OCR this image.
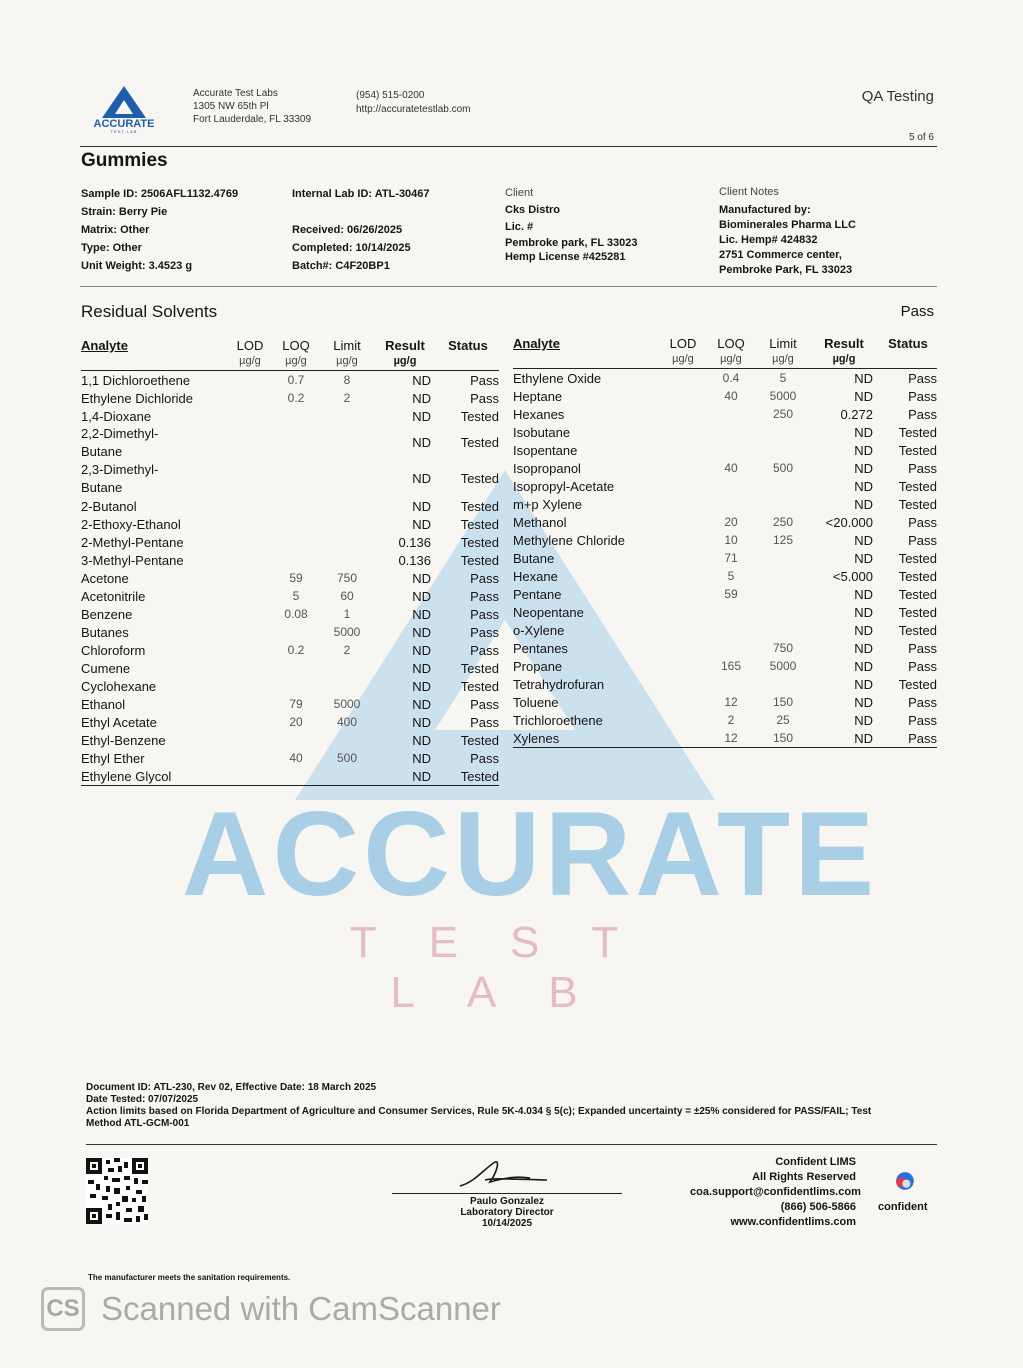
ACCURATE
TEST LAB
Accurate Test Labs
1305 NW 65th Pl
Fort Lauderdale, FL 33309
(954) 515-0200
http://accuratetestlab.com
QA Testing
5 of 6
Gummies
Sample ID: 2506AFL1132.4769
Strain: Berry Pie
Matrix: Other
Type: Other
Unit Weight: 3.4523 g
Internal Lab ID: ATL-30467

Received: 06/26/2025
Completed: 10/14/2025
Batch#: C4F20BP1
Client
Cks Distro
Lic. #
Pembroke park, FL 33023
Hemp License #425281
Client Notes
Manufactured by:
Biominerales Pharma LLC
Lic. Hemp# 424832
2751 Commerce center,
Pembroke Park, FL 33023
ACCURATE
TEST LAB
Residual Solvents	Pass
Analyte	LOD	LOQ	Limit	Result	Status
	µg/g	µg/g	µg/g	µg/g	
1,1 Dichloroethene		0.7	8	ND	Pass
Ethylene Dichloride		0.2	2	ND	Pass
1,4-Dioxane				ND	Tested

2,2-Dimethyl-
Butane				ND	Tested

2,3-Dimethyl-
Butane				ND	Tested
2-Butanol				ND	Tested
2-Ethoxy-Ethanol				ND	Tested
2-Methyl-Pentane				0.136	Tested
3-Methyl-Pentane				0.136	Tested
Acetone		59	750	ND	Pass
Acetonitrile		5	60	ND	Pass
Benzene		0.08	1	ND	Pass
Butanes			5000	ND	Pass
Chloroform		0.2	2	ND	Pass
Cumene				ND	Tested
Cyclohexane				ND	Tested
Ethanol		79	5000	ND	Pass
Ethyl Acetate		20	400	ND	Pass
Ethyl-Benzene				ND	Tested
Ethyl Ether		40	500	ND	Pass
Ethylene Glycol				ND	Tested
Analyte	LOD	LOQ	Limit	Result	Status
	µg/g	µg/g	µg/g	µg/g	
Ethylene Oxide		0.4	5	ND	Pass
Heptane		40	5000	ND	Pass
Hexanes			250	0.272	Pass
Isobutane				ND	Tested
Isopentane				ND	Tested
Isopropanol		40	500	ND	Pass
Isopropyl-Acetate				ND	Tested
m+p Xylene				ND	Tested
Methanol		20	250	<20.000	Pass
Methylene Chloride		10	125	ND	Pass
Butane		71		ND	Tested
Hexane		5		<5.000	Tested
Pentane		59		ND	Tested
Neopentane				ND	Tested
o-Xylene				ND	Tested
Pentanes			750	ND	Pass
Propane		165	5000	ND	Pass
Tetrahydrofuran				ND	Tested
Toluene		12	150	ND	Pass
Trichloroethene		2	25	ND	Pass
Xylenes		12	150	ND	Pass
Document ID: ATL-230, Rev 02, Effective Date: 18 March 2025
Date Tested: 07/07/2025
Action limits based on Florida Department of Agriculture and Consumer Services, Rule 5K-4.034 § 5(c); Expanded uncertainty = ±25% considered for PASS/FAIL; Test Method ATL-GCM-001
Paulo Gonzalez
Laboratory Director
10/14/2025
Confident LIMS
All Rights Reserved
coa.support@confidentlims.com
(866) 506-5866
www.confidentlims.com
confident
The manufacturer meets the sanitation requirements.
CS Scanned with CamScanner
